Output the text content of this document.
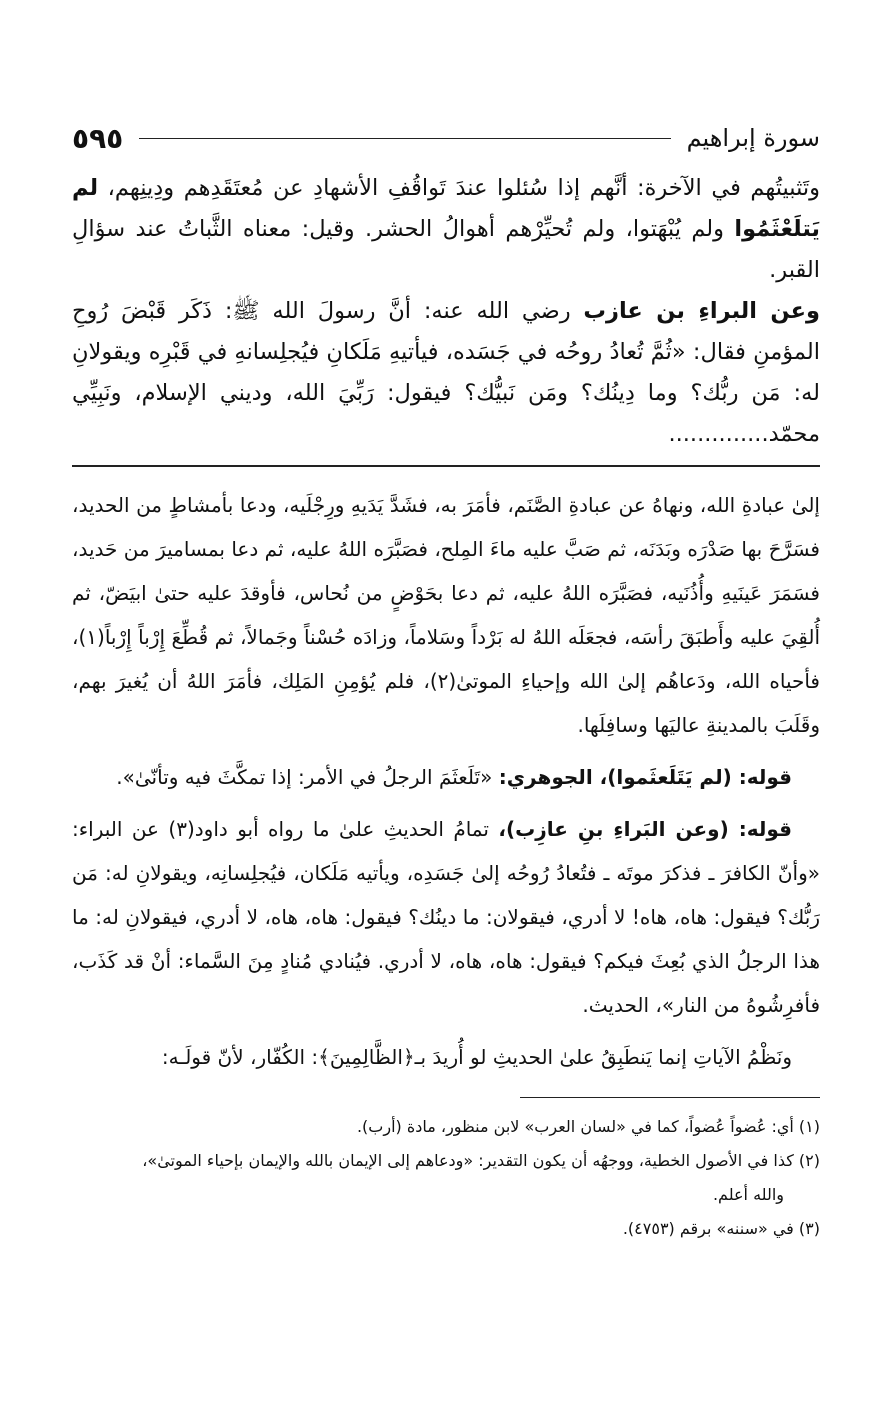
سورة إبراهيم
٥٩٥

وتَثبيتُهم في الآخرة: أنَّهم إذا سُئلوا عندَ تَواقُفِ الأشهادِ عن مُعتَقَدِهم ودِينِهم، لم يَتلَعْثَمُوا ولم يُبْهَتوا، ولم تُحيِّرْهم أهوالُ الحشر. وقيل: معناه الثَّباتُ عند سؤالِ القبر.

وعن البراءِ بن عازب رضي الله عنه: أنَّ رسولَ الله ﷺ: ذَكَر قَبْضَ رُوحِ المؤمنِ فقال: «ثُمَّ تُعادُ روحُه في جَسَده، فيأتيهِ مَلَكانِ فيُجلِسانهِ في قَبْرِه ويقولانِ له: مَن ربُّك؟ وما دِينُك؟ ومَن نَبيُّك؟ فيقول: رَبِّيَ الله، وديني الإسلام، ونَبِيِّي محمّد..............

إلىٰ عبادةِ الله، ونهاهُ عن عبادةِ الصَّنَم، فأمَرَ به، فشَدَّ يَدَيهِ ورِجْلَيه، ودعا بأمشاطٍ من الحديد، فسَرَّحَ بها صَدْرَه وبَدَنَه، ثم صَبَّ عليه ماءَ المِلح، فصَبَّرَه اللهُ عليه، ثم دعا بمساميرَ من حَديد، فسَمَرَ عَينَيهِ وأُذُنَيه، فصَبَّرَه اللهُ عليه، ثم دعا بحَوْضٍ من نُحاس، فأوقدَ عليه حتىٰ ابيَضّ، ثم أُلقِيَ عليه وأَطبَقَ رأسَه، فجعَلَه اللهُ له بَرْداً وسَلاماً، وزادَه حُسْناً وجَمالاً، ثم قُطِّعَ إِرْباً إِرْباً(١)، فأحياه الله، ودَعاهُم إلىٰ الله وإحياءِ الموتىٰ(٢)، فلم يُؤمِنِ المَلِك، فأمَرَ اللهُ أن يُغيرَ بهم، وقَلَبَ بالمدينةِ عاليَها وسافِلَها.

قوله: (لم يَتَلَعثَموا)، الجوهري: «تَلَعثَمَ الرجلُ في الأمر: إذا تمكَّثَ فيه وتأنّىٰ».

قوله: (وعن البَراءِ بنِ عازِب)، تمامُ الحديثِ علىٰ ما رواه أبو داود(٣) عن البراء: «وأنّ الكافرَ ـ فذكرَ موتَه ـ فتُعادُ رُوحُه إلىٰ جَسَدِه، ويأتيه مَلَكان، فيُجلِسانِه، ويقولانِ له: مَن رَبُّك؟ فيقول: هاه، هاه! لا أدري، فيقولان: ما دينُك؟ فيقول: هاه، هاه، لا أدري، فيقولانِ له: ما هذا الرجلُ الذي بُعِثَ فيكم؟ فيقول: هاه، هاه، لا أدري. فيُنادي مُنادٍ مِنَ السَّماء: أنْ قد كَذَب، فأفرِشُوهُ من النار»، الحديث.

ونَظْمُ الآياتِ إنما يَنطَبِقُ علىٰ الحديثِ لو أُريدَ بـ﴿الظَّالِمِينَ﴾: الكُفّار، لأنّ قولَـه:

(١) أي: عُضواً عُضواً، كما في «لسان العرب» لابن منظور، مادة (أرب).
(٢) كذا في الأصول الخطية، ووجهُه أن يكون التقدير: «ودعاهم إلى الإيمان بالله والإيمان بإحياء الموتىٰ»،
والله أعلم.
(٣) في «سننه» برقم (٤٧٥٣).
